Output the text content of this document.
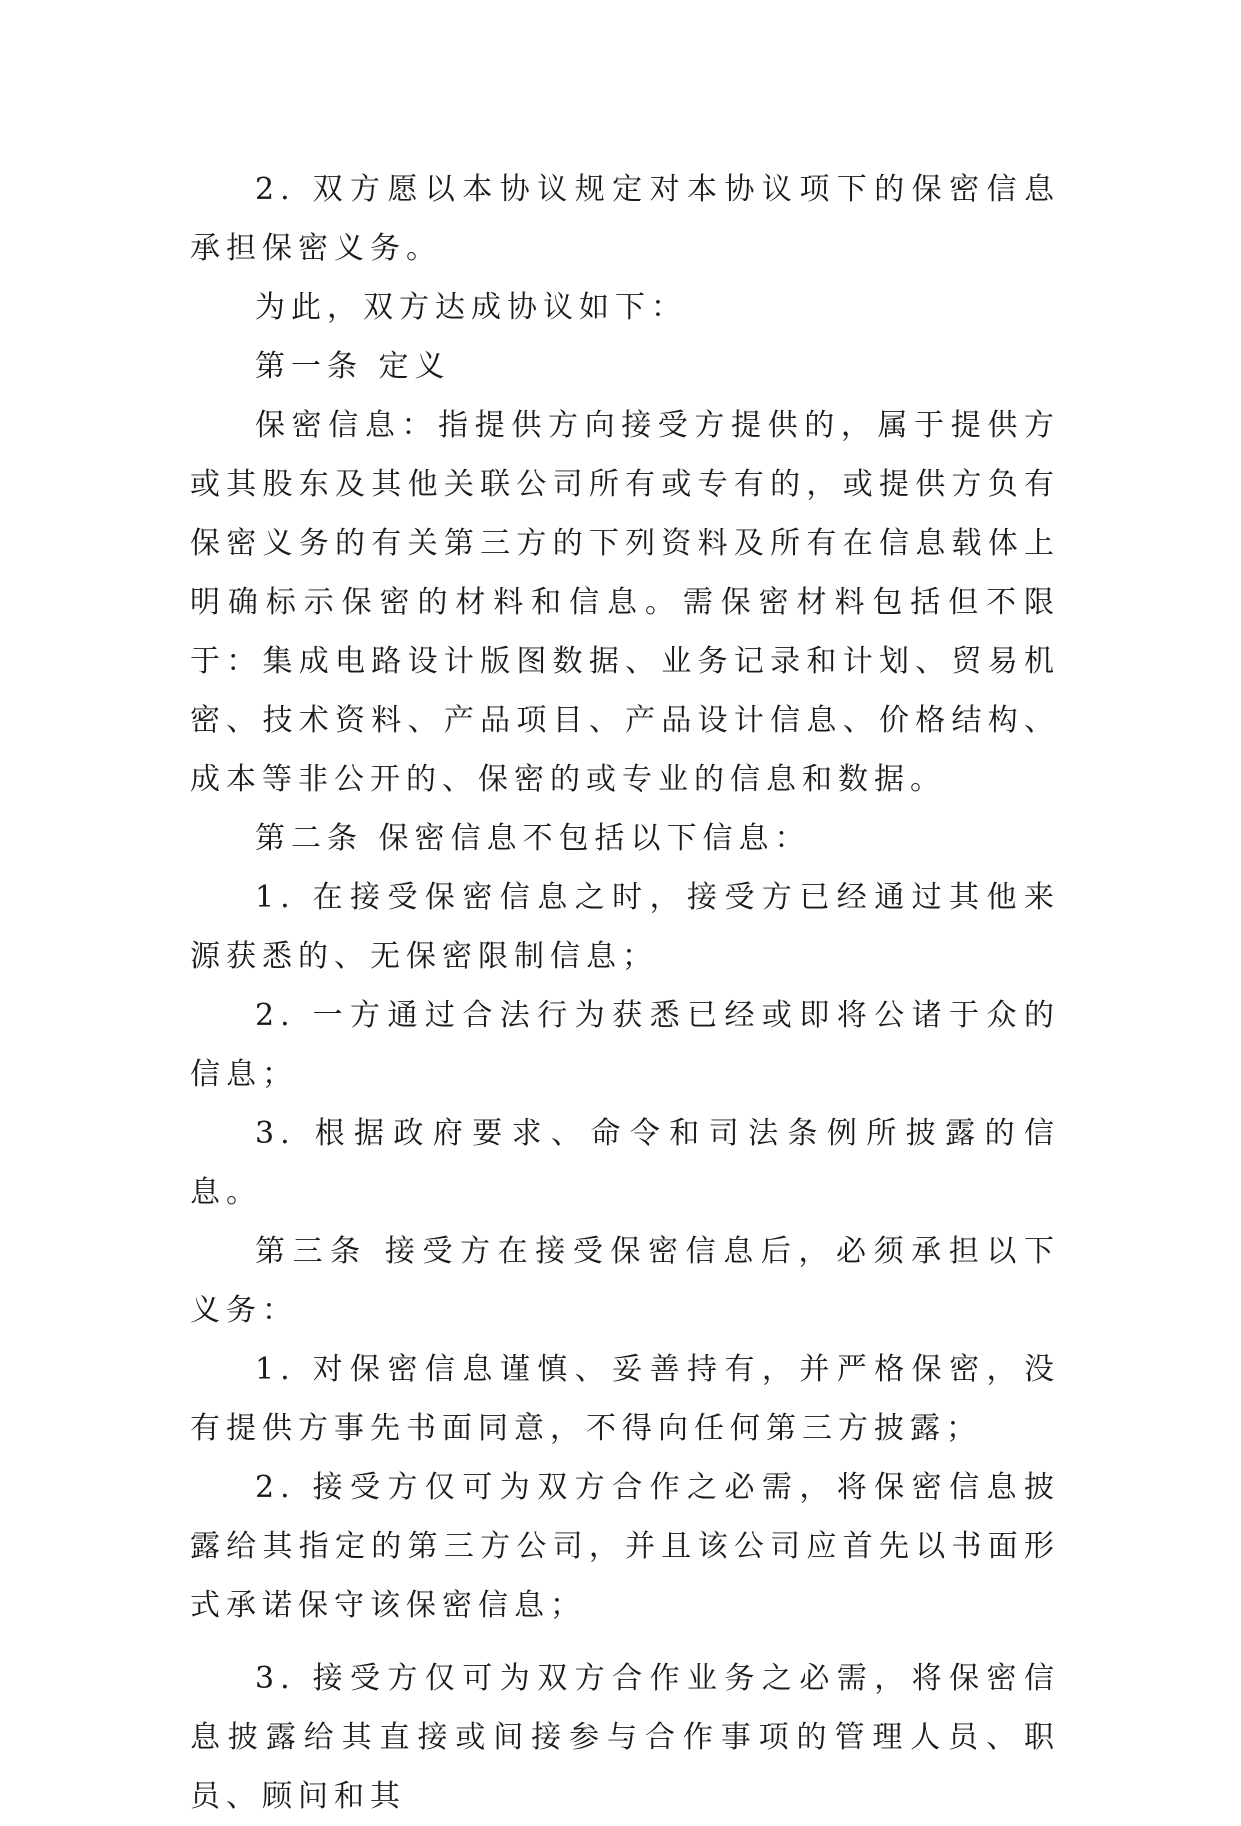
2. 双方愿以本协议规定对本协议项下的保密信息承担保密义务。

为此，双方达成协议如下：

第一条 定义

保密信息：指提供方向接受方提供的，属于提供方或其股东及其他关联公司所有或专有的，或提供方负有保密义务的有关第三方的下列资料及所有在信息载体上明确标示保密的材料和信息。需保密材料包括但不限于：集成电路设计版图数据、业务记录和计划、贸易机密、技术资料、产品项目、产品设计信息、价格结构、成本等非公开的、保密的或专业的信息和数据。

第二条 保密信息不包括以下信息：

1. 在接受保密信息之时，接受方已经通过其他来源获悉的、无保密限制信息；

2. 一方通过合法行为获悉已经或即将公诸于众的信息；

3. 根据政府要求、命令和司法条例所披露的信息。

第三条 接受方在接受保密信息后，必须承担以下义务：

1. 对保密信息谨慎、妥善持有，并严格保密，没有提供方事先书面同意，不得向任何第三方披露；

2. 接受方仅可为双方合作之必需，将保密信息披露给其指定的第三方公司，并且该公司应首先以书面形式承诺保守该保密信息；

3. 接受方仅可为双方合作业务之必需，将保密信息披露给其直接或间接参与合作事项的管理人员、职员、顾问和其
